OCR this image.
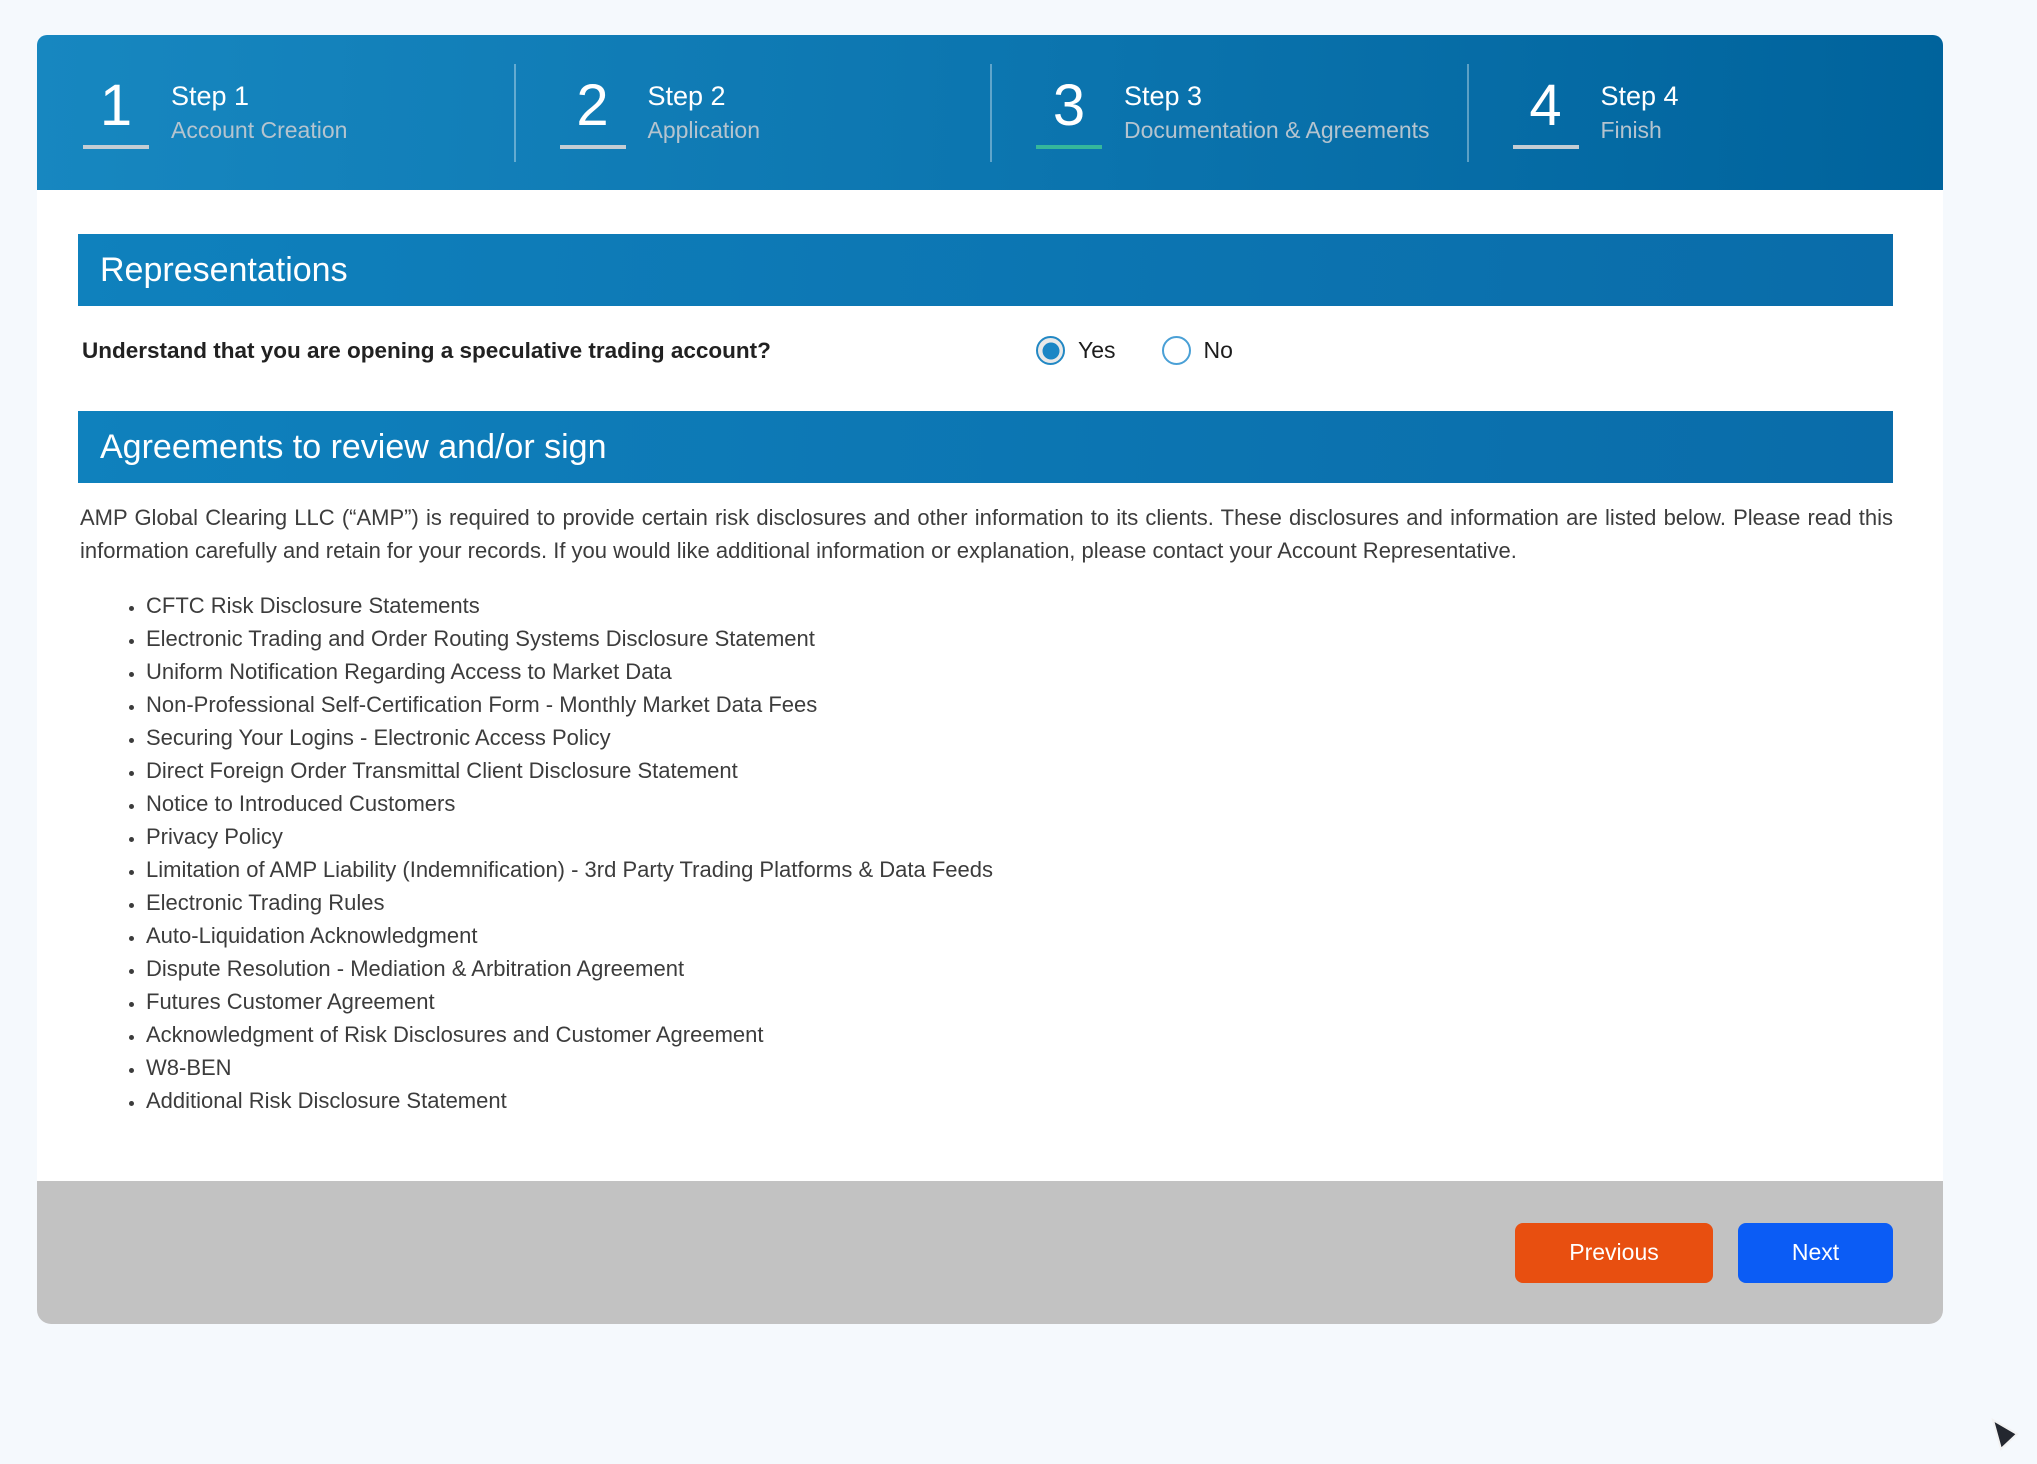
1 Step 1
Account Creation	2 Step 2
Application	3 Step 3
Documentation & Agreements 4 Step 4
Finish
Representations
Understand that you are opening a speculative trading account?	Yes	No
Agreements to review and/or sign

AMP Global Clearing LLC (“AMP”) is required to provide certain risk disclosures and other information to its clients. These disclosures and information are listed below. Please read this information carefully and retain for your records. If you would like additional information or explanation, please contact your Account Representative.

• CFTC Risk Disclosure Statements
• Electronic Trading and Order Routing Systems Disclosure Statement
• Uniform Notification Regarding Access to Market Data
• Non-Professional Self-Certification Form - Monthly Market Data Fees
• Securing Your Logins - Electronic Access Policy
• Direct Foreign Order Transmittal Client Disclosure Statement
• Notice to Introduced Customers
• Privacy Policy
• Limitation of AMP Liability (Indemnification) - 3rd Party Trading Platforms & Data Feeds
• Electronic Trading Rules
• Auto-Liquidation Acknowledgment
• Dispute Resolution - Mediation & Arbitration Agreement
• Futures Customer Agreement
• Acknowledgment of Risk Disclosures and Customer Agreement
• W8-BEN
• Additional Risk Disclosure Statement
Previous	Next
